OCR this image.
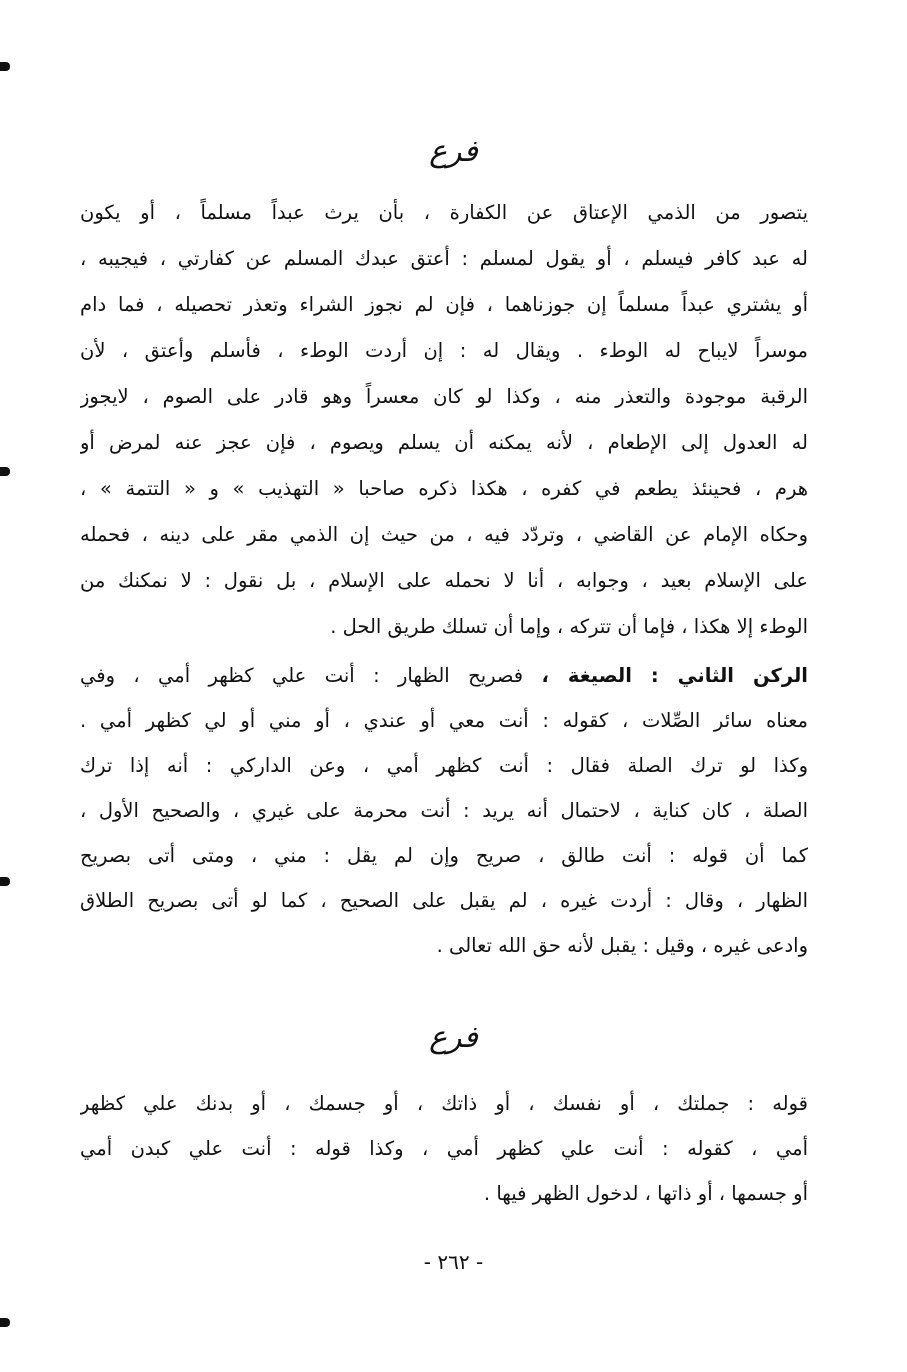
فرع
يتصور من الذمي الإعتاق عن الكفارة ، بأن يرث عبداً مسلماً ، أو يكون
له عبد كافر فيسلم ، أو يقول لمسلم : أعتق عبدك المسلم عن كفارتي ، فيجيبه ،
أو يشتري عبداً مسلماً إن جوزناهما ، فإن لم نجوز الشراء وتعذر تحصيله ، فما دام
موسراً لايباح له الوطء . ويقال له : إن أردت الوطء ، فأسلم وأعتق ، لأن
الرقبة موجودة والتعذر منه ، وكذا لو كان معسراً وهو قادر على الصوم ، لايجوز
له العدول إلى الإطعام ، لأنه يمكنه أن يسلم ويصوم ، فإن عجز عنه لمرض أو
هرم ، فحينئذ يطعم في كفره ، هكذا ذكره صاحبا « التهذيب » و « التتمة » ،
وحكاه الإمام عن القاضي ، وتردّد فيه ، من حيث إن الذمي مقر على دينه ، فحمله
على الإسلام بعيد ، وجوابه ، أنا لا نحمله على الإسلام ، بل نقول : لا نمكنك من
الوطء إلا هكذا ، فإما أن تتركه ، وإما أن تسلك طريق الحل .
الركن الثاني : الصيغة ، فصريح الظهار : أنت علي كظهر أمي ، وفي
معناه سائر الصِّلات ، كقوله : أنت معي أو عندي ، أو مني أو لي كظهر أمي .
وكذا لو ترك الصلة فقال : أنت كظهر أمي ، وعن الداركي : أنه إذا ترك
الصلة ، كان كناية ، لاحتمال أنه يريد : أنت محرمة على غيري ، والصحيح الأول ،
كما أن قوله : أنت طالق ، صريح وإن لم يقل : مني ، ومتى أتى بصريح
الظهار ، وقال : أردت غيره ، لم يقبل على الصحيح ، كما لو أتى بصريح الطلاق
وادعى غيره ، وقيل : يقبل لأنه حق الله تعالى .
فرع
قوله : جملتك ، أو نفسك ، أو ذاتك ، أو جسمك ، أو بدنك علي كظهر
أمي ، كقوله : أنت علي كظهر أمي ، وكذا قوله : أنت علي كبدن أمي
أو جسمها ، أو ذاتها ، لدخول الظهر فيها .
- ٢٦٢ -
